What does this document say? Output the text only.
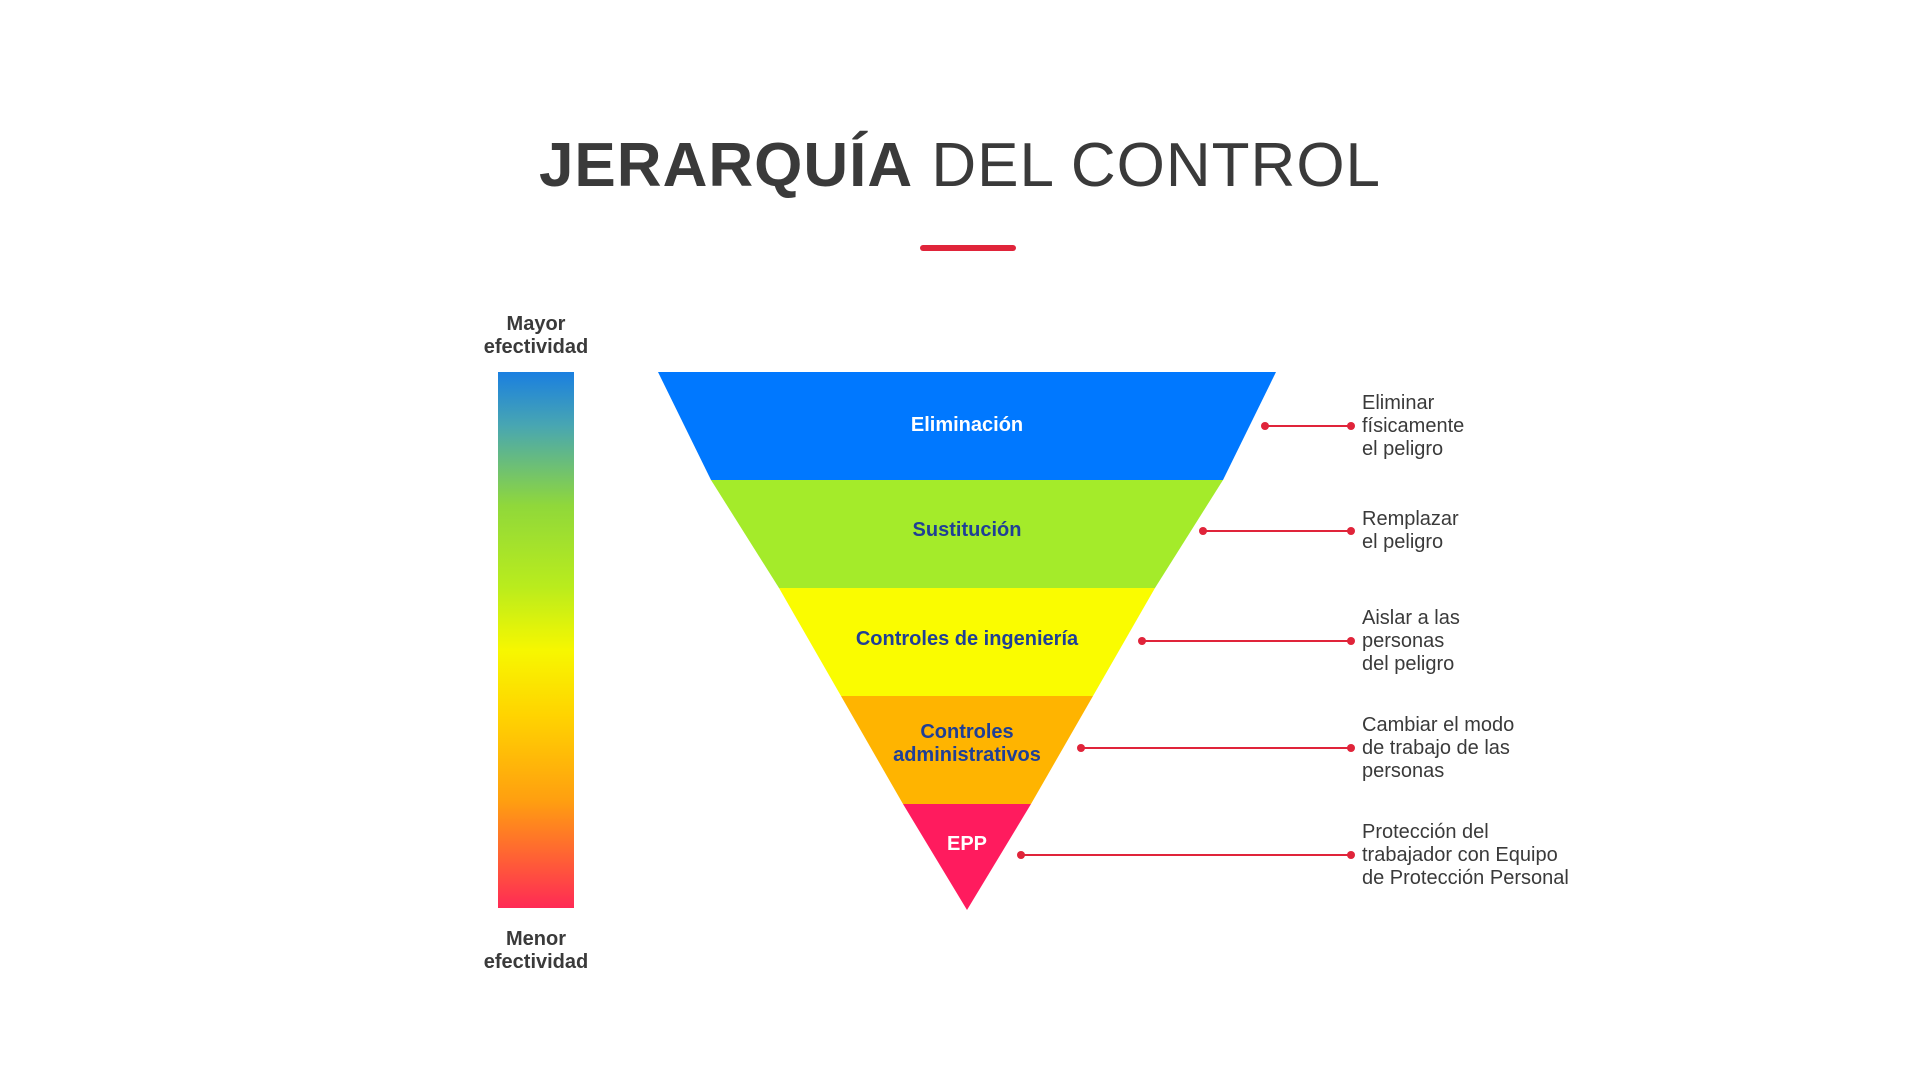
JERARQUÍA DEL CONTROL
Mayor
efectividad
Menor
efectividad
Eliminación
Sustitución
Controles de ingeniería
Controles
administrativos
EPP
Eliminar
físicamente
el peligro
Remplazar
el peligro
Aislar a las
personas
del peligro
Cambiar el modo
de trabajo de las
personas
Protección del
trabajador con Equipo
de Protección Personal
